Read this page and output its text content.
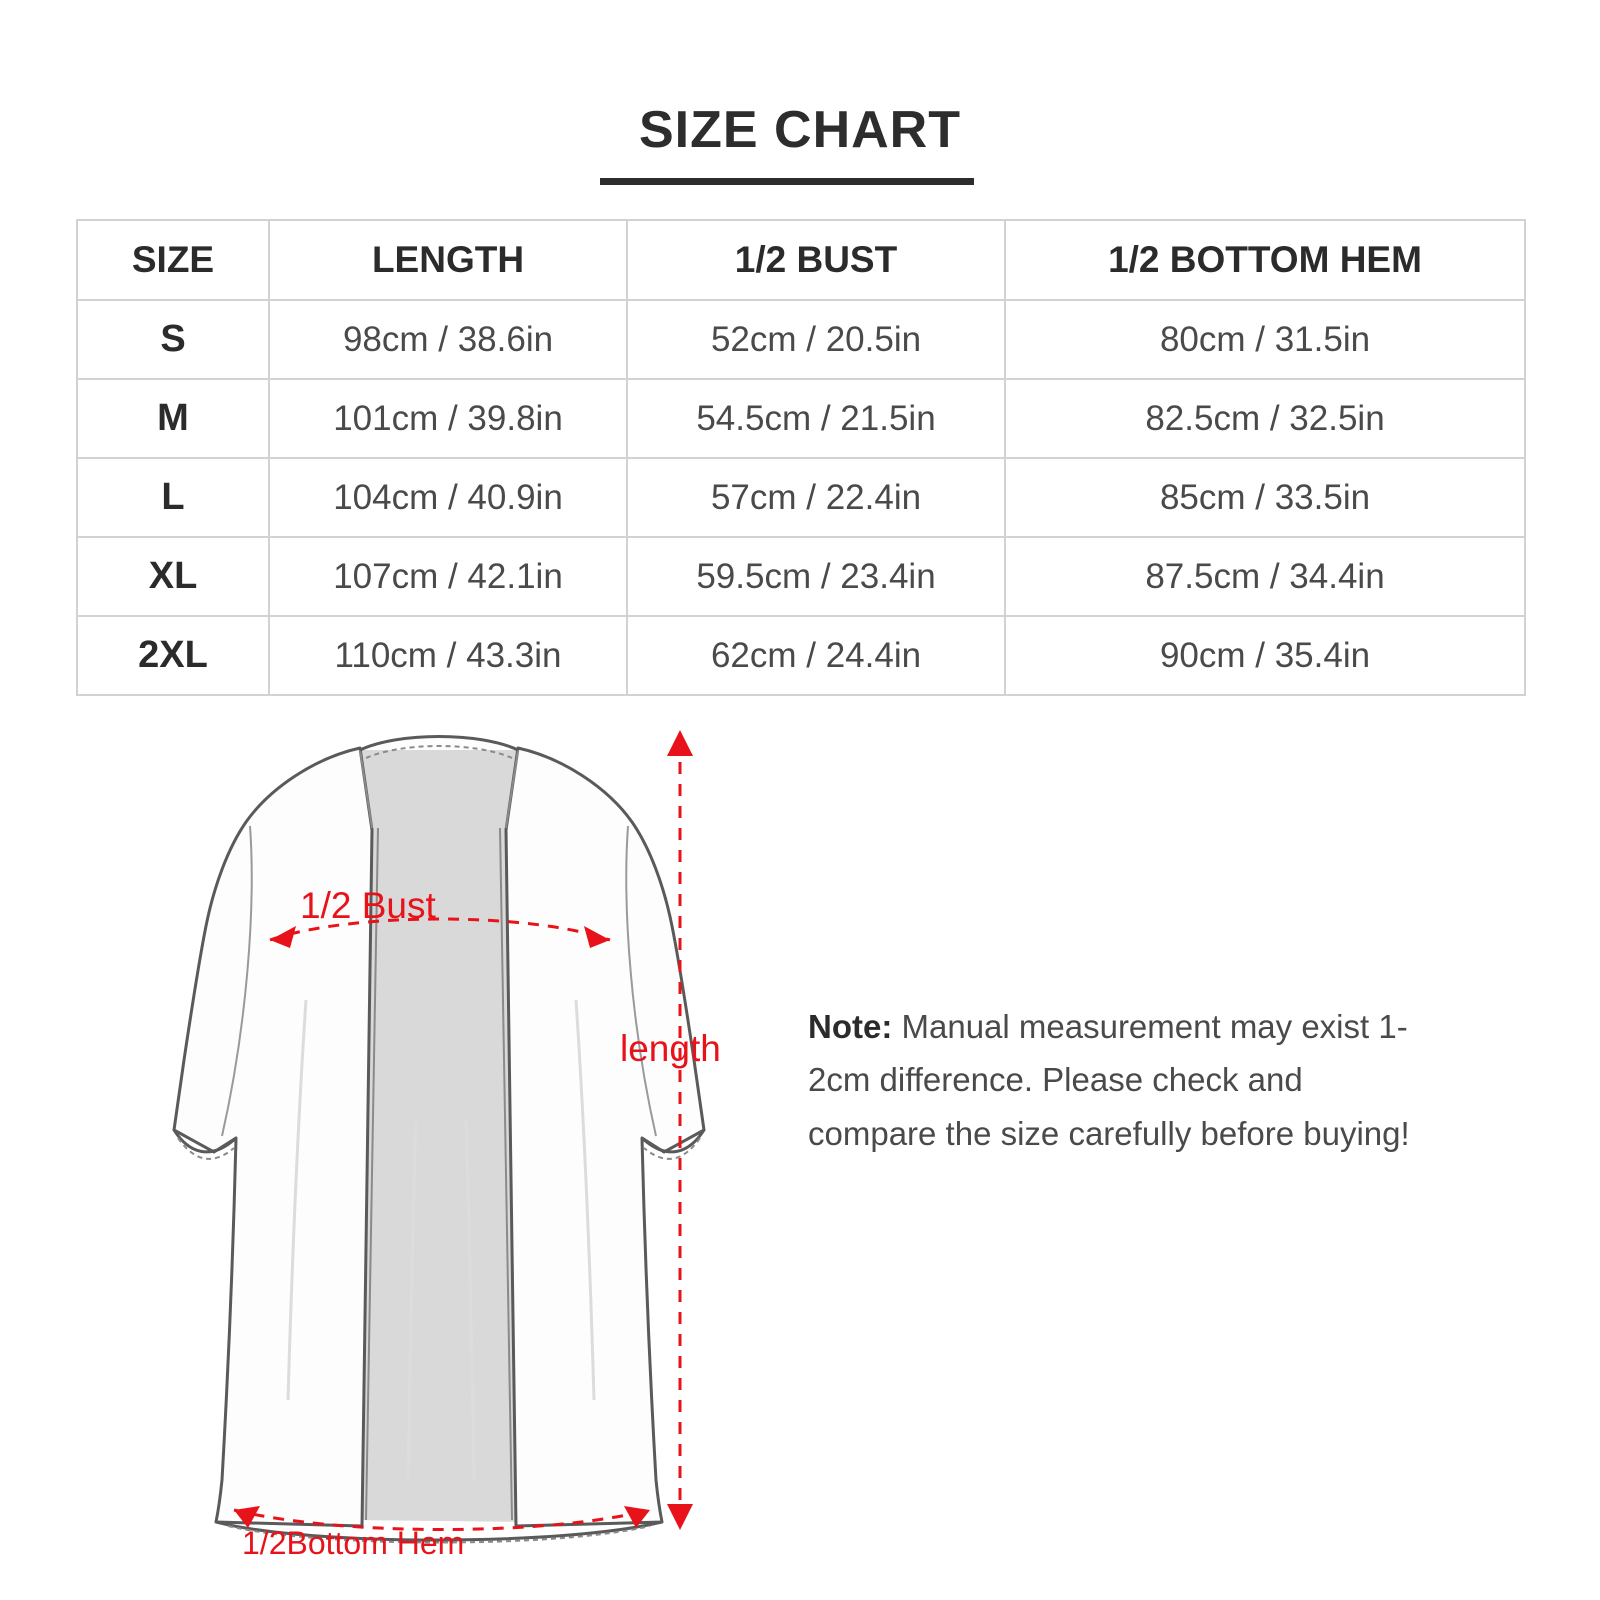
SIZE CHART
SIZE	LENGTH	1/2 BUST	1/2 BOTTOM HEM
S	98cm / 38.6in	52cm / 20.5in	80cm / 31.5in
M	101cm / 39.8in	54.5cm / 21.5in	82.5cm / 32.5in
L	104cm / 40.9in	57cm / 22.4in	85cm / 33.5in
XL	107cm / 42.1in	59.5cm / 23.4in	87.5cm / 34.4in
2XL	110cm / 43.3in	62cm / 24.4in	90cm / 35.4in
1/2 Bust
length
1/2Bottom Hem
Note: Manual measurement may exist 1-2cm difference. Please check and compare the size carefully before buying!
